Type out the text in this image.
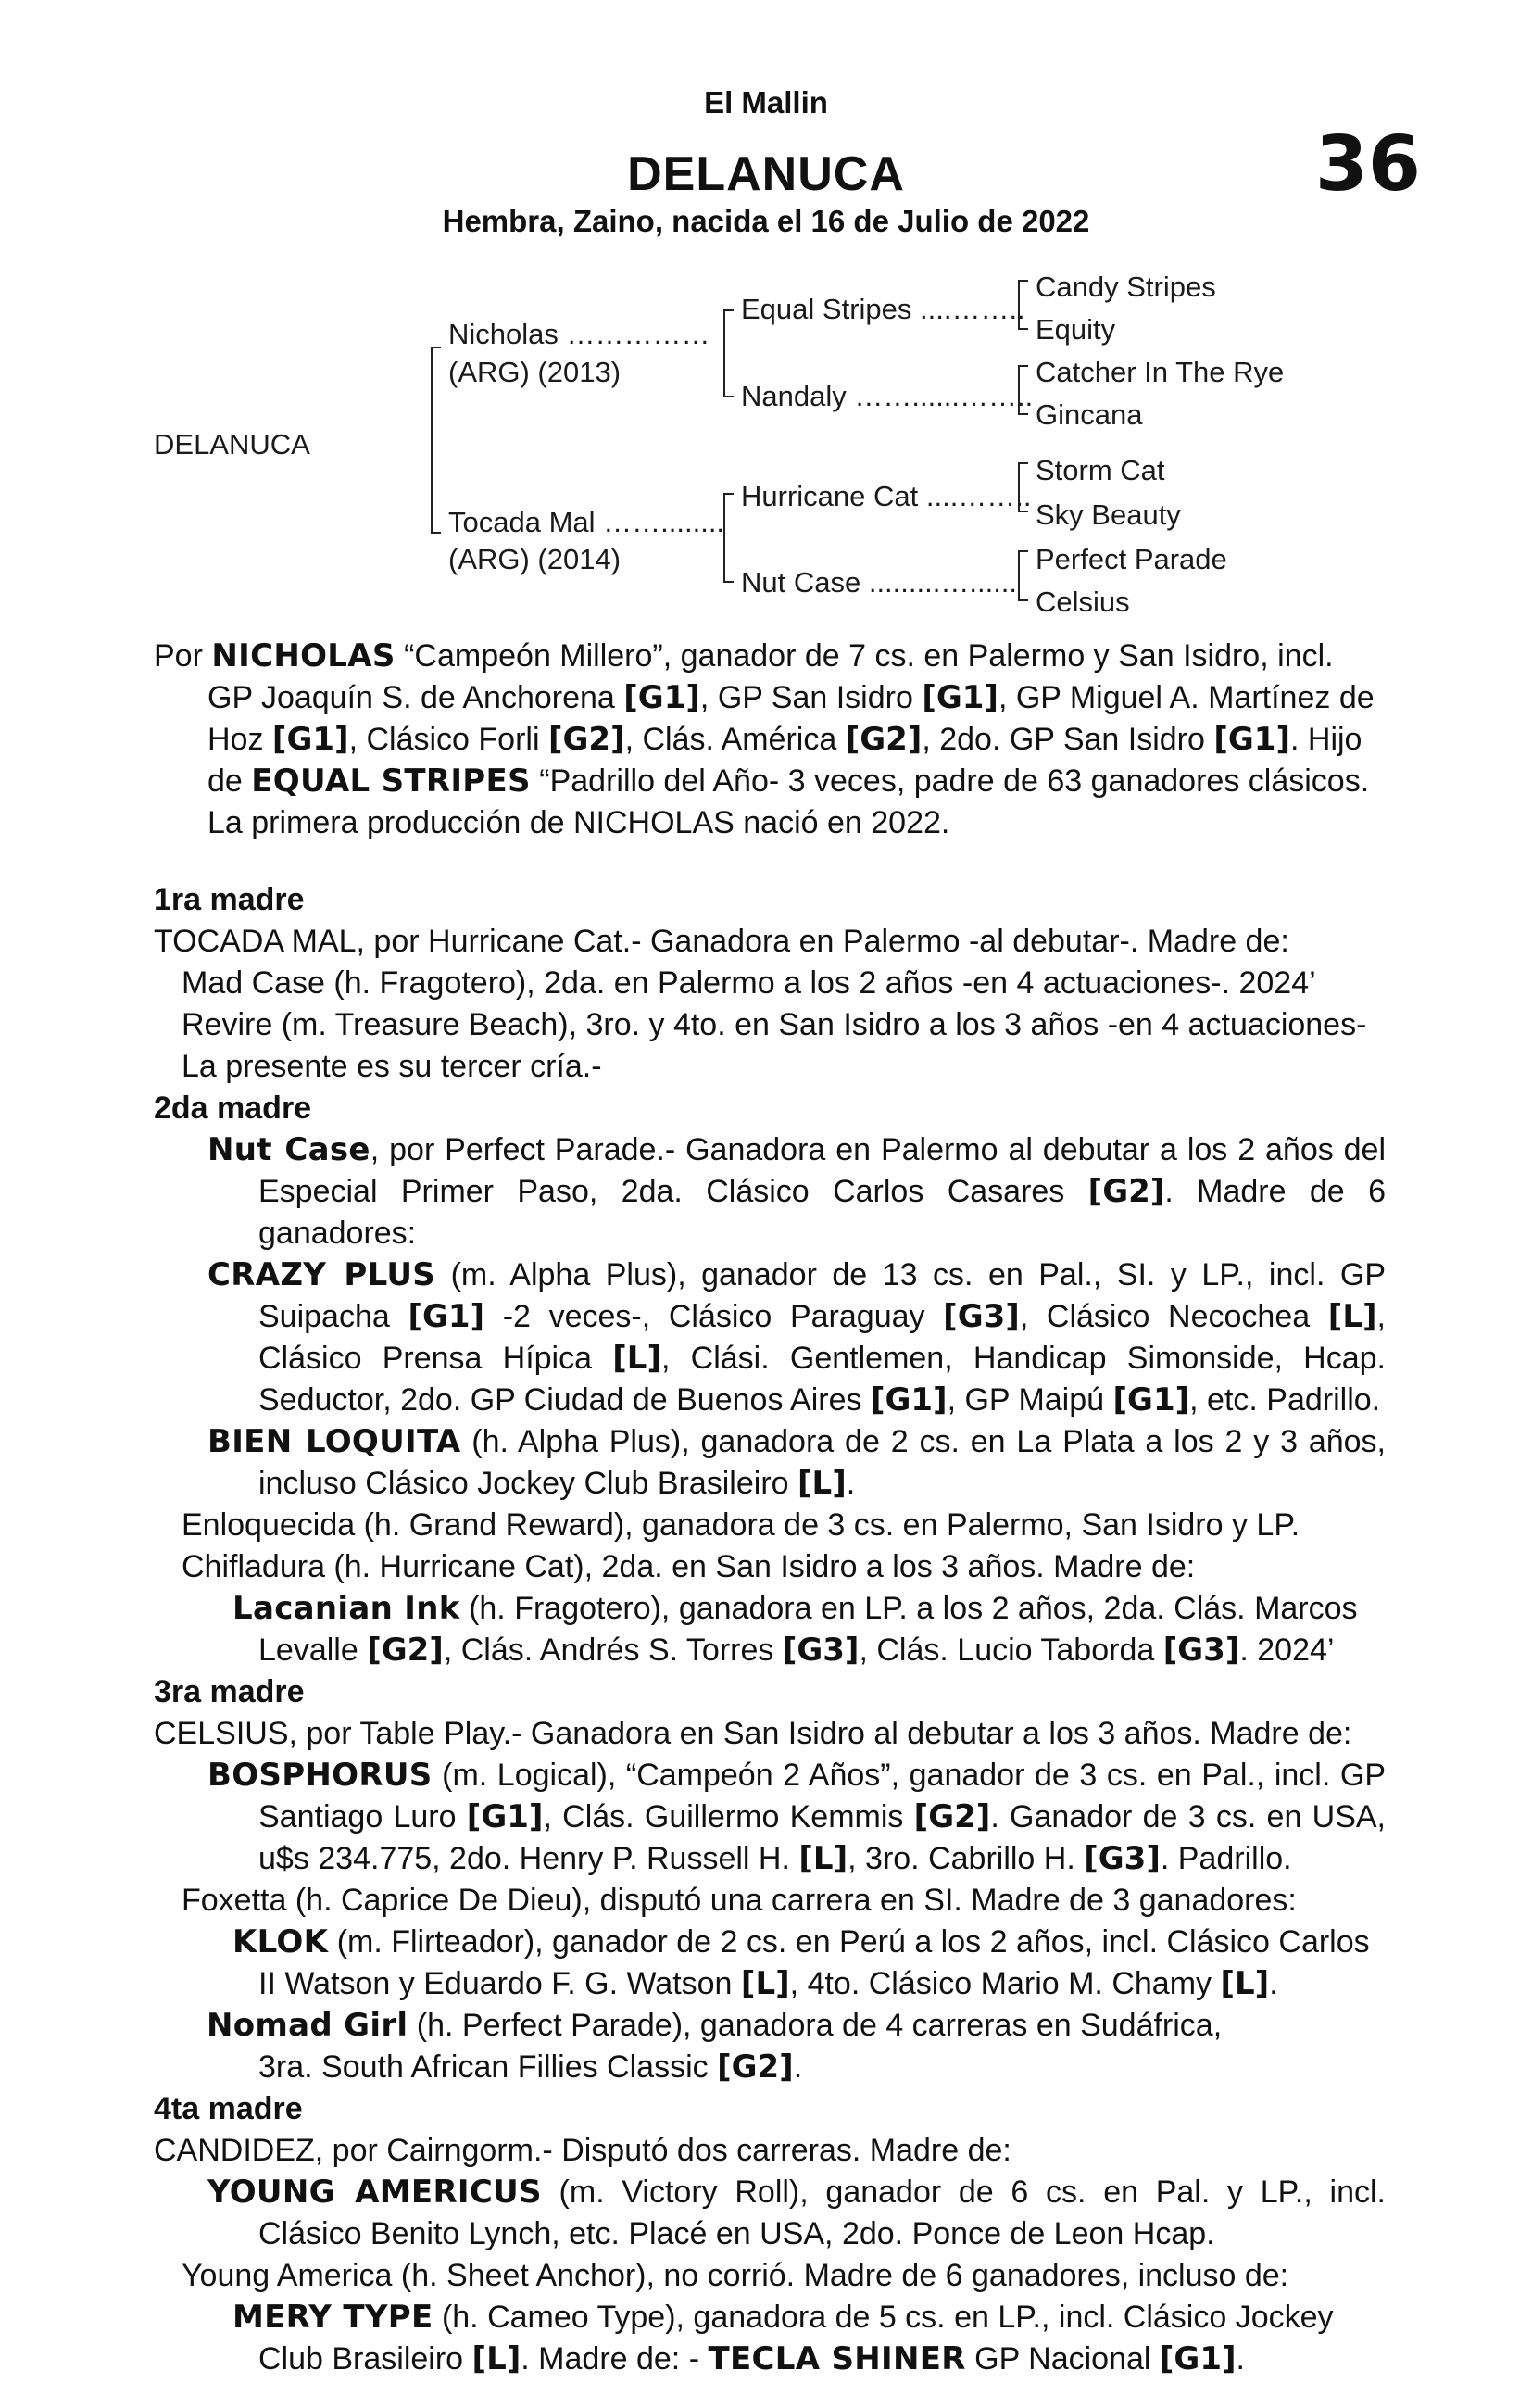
El Mallin
DELANUCA
Hembra, Zaino, nacida el 16 de Julio de 2022
36
DELANUCA
Nicholas ……………
(ARG) (2013)
Tocada Mal ……........
(ARG) (2014)
Equal Stripes ....……..
Nandaly ……......……..
Hurricane Cat ....……..
Nut Case .........…......
Candy Stripes
Equity
Catcher In The Rye
Gincana
Storm Cat
Sky Beauty
Perfect Parade
Celsius

Por NICHOLAS “Campeón Millero”, ganador de 7 cs. en Palermo y San Isidro, incl. GP Joaquín S. de Anchorena [G1], GP San Isidro [G1], GP Miguel A. Martínez de Hoz [G1], Clásico Forli [G2], Clás. América [G2], 2do. GP San Isidro [G1]. Hijo de EQUAL STRIPES “Padrillo del Año- 3 veces, padre de 63 ganadores clásicos. La primera producción de NICHOLAS nació en 2022.

1ra madre

TOCADA MAL, por Hurricane Cat.- Ganadora en Palermo -al debutar-. Madre de:

Mad Case (h. Fragotero), 2da. en Palermo a los 2 años -en 4 actuaciones-. 2024’

Revire (m. Treasure Beach), 3ro. y 4to. en San Isidro a los 3 años -en 4 actuaciones-

La presente es su tercer cría.-

2da madre

Nut Case, por Perfect Parade.- Ganadora en Palermo al debutar a los 2 años del Especial Primer Paso, 2da. Clásico Carlos Casares [G2]. Madre de 6 ganadores:

CRAZY PLUS (m. Alpha Plus), ganador de 13 cs. en Pal., SI. y LP., incl. GP Suipacha [G1] -2 veces-, Clásico Paraguay [G3], Clásico Necochea [L], Clásico Prensa Hípica [L], Clási. Gentlemen, Handicap Simonside, Hcap. Seductor, 2do. GP Ciudad de Buenos Aires [G1], GP Maipú [G1], etc. Padrillo.

BIEN LOQUITA (h. Alpha Plus), ganadora de 2 cs. en La Plata a los 2 y 3 años, incluso Clásico Jockey Club Brasileiro [L].

Enloquecida (h. Grand Reward), ganadora de 3 cs. en Palermo, San Isidro y LP.

Chifladura (h. Hurricane Cat), 2da. en San Isidro a los 3 años. Madre de:

Lacanian Ink (h. Fragotero), ganadora en LP. a los 2 años, 2da. Clás. Marcos Levalle [G2], Clás. Andrés S. Torres [G3], Clás. Lucio Taborda [G3]. 2024’

3ra madre

CELSIUS, por Table Play.- Ganadora en San Isidro al debutar a los 3 años. Madre de:

BOSPHORUS (m. Logical), “Campeón 2 Años”, ganador de 3 cs. en Pal., incl. GP Santiago Luro [G1], Clás. Guillermo Kemmis [G2]. Ganador de 3 cs. en USA, u$s 234.775, 2do. Henry P. Russell H. [L], 3ro. Cabrillo H. [G3]. Padrillo.

Foxetta (h. Caprice De Dieu), disputó una carrera en SI. Madre de 3 ganadores:

KLOK (m. Flirteador), ganador de 2 cs. en Perú a los 2 años, incl. Clásico Carlos II Watson y Eduardo F. G. Watson [L], 4to. Clásico Mario M. Chamy [L].

Nomad Girl (h. Perfect Parade), ganadora de 4 carreras en Sudáfrica,

3ra. South African Fillies Classic [G2].

4ta madre

CANDIDEZ, por Cairngorm.- Disputó dos carreras. Madre de:

YOUNG AMERICUS (m. Victory Roll), ganador de 6 cs. en Pal. y LP., incl. Clásico Benito Lynch, etc. Placé en USA, 2do. Ponce de Leon Hcap.

Young America (h. Sheet Anchor), no corrió. Madre de 6 ganadores, incluso de:

MERY TYPE (h. Cameo Type), ganadora de 5 cs. en LP., incl. Clásico Jockey Club Brasileiro [L]. Madre de: - TECLA SHINER GP Nacional [G1].
